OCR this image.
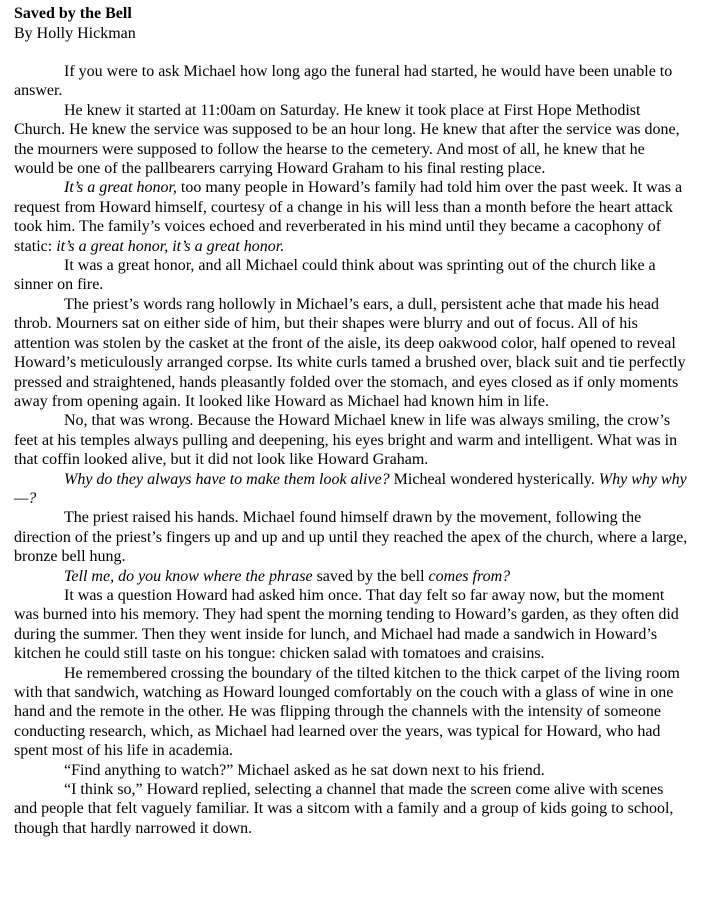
Saved by the Bell
By Holly Hickman

If you were to ask Michael how long ago the funeral had started, he would have been unable to answer.

He knew it started at 11:00am on Saturday. He knew it took place at First Hope Methodist Church. He knew the service was supposed to be an hour long. He knew that after the service was done, the mourners were supposed to follow the hearse to the cemetery. And most of all, he knew that he would be one of the pallbearers carrying Howard Graham to his final resting place.

It’s a great honor, too many people in Howard’s family had told him over the past week. It was a request from Howard himself, courtesy of a change in his will less than a month before the heart attack took him. The family’s voices echoed and reverberated in his mind until they became a cacophony of static: it’s a great honor, it’s a great honor.

It was a great honor, and all Michael could think about was sprinting out of the church like a sinner on fire.

The priest’s words rang hollowly in Michael’s ears, a dull, persistent ache that made his head throb. Mourners sat on either side of him, but their shapes were blurry and out of focus. All of his attention was stolen by the casket at the front of the aisle, its deep oakwood color, half opened to reveal Howard’s meticulously arranged corpse. Its white curls tamed a brushed over, black suit and tie perfectly pressed and straightened, hands pleasantly folded over the stomach, and eyes closed as if only moments away from opening again. It looked like Howard as Michael had known him in life.

No, that was wrong. Because the Howard Michael knew in life was always smiling, the crow’s feet at his temples always pulling and deepening, his eyes bright and warm and intelligent. What was in that coffin looked alive, but it did not look like Howard Graham.

Why do they always have to make them look alive? Micheal wondered hysterically. Why why why—?

The priest raised his hands. Michael found himself drawn by the movement, following the direction of the priest’s fingers up and up and up until they reached the apex of the church, where a large, bronze bell hung.

Tell me, do you know where the phrase saved by the bell comes from?

It was a question Howard had asked him once. That day felt so far away now, but the moment was burned into his memory. They had spent the morning tending to Howard’s garden, as they often did during the summer. Then they went inside for lunch, and Michael had made a sandwich in Howard’s kitchen he could still taste on his tongue: chicken salad with tomatoes and craisins.

He remembered crossing the boundary of the tilted kitchen to the thick carpet of the living room with that sandwich, watching as Howard lounged comfortably on the couch with a glass of wine in one hand and the remote in the other. He was flipping through the channels with the intensity of someone conducting research, which, as Michael had learned over the years, was typical for Howard, who had spent most of his life in academia.

“Find anything to watch?” Michael asked as he sat down next to his friend.

“I think so,” Howard replied, selecting a channel that made the screen come alive with scenes and people that felt vaguely familiar. It was a sitcom with a family and a group of kids going to school, though that hardly narrowed it down.
